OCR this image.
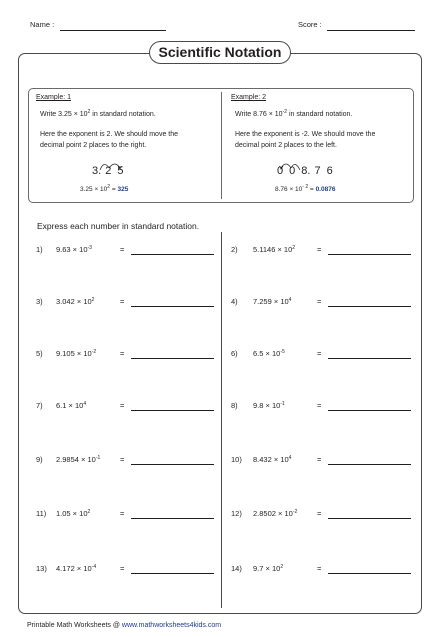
Name :	Score :
Scientific Notation
Example: 1
Write $3.25 \times 10^2$ in standard notation.
Here the exponent is 2. We should move the
decimal point 2 places to the right.
3. 2 5
$3.25 \times 10^2 = 325$
Example: 2
Write $8.76 \times 10^{-2}$ in standard notation.
Here the exponent is -2. We should move the
decimal point 2 places to the left.
0 0 8. 7 6
$8.76 \times 10^{- 2} = 0.0876$
Express each number in standard notation.
1) $9.63 \times 10^{-3}$	=	2) $5.1146 \times 10^2$	=
3) $3.042 \times 10^2$	=	4) $7.259 \times 10^4$	=
5) $9.105 \times 10^{-2}$	=	6) $6.5 \times 10^{-5}$	=
7) $6.1 \times 10^4$	=	8) $9.8 \times 10^{-1}$	=
9) $2.9854 \times 10^{-1}$	=	10) $8.432 \times 10^4$	=
11) $1.05 \times 10^2$	=	12) $2.8502 \times 10^{-2}$	=
13) $4.172 \times 10^{-4}$	=	14) $9.7 \times 10^2$	=
Printable Math Worksheets @ www.mathworksheets4kids.com
